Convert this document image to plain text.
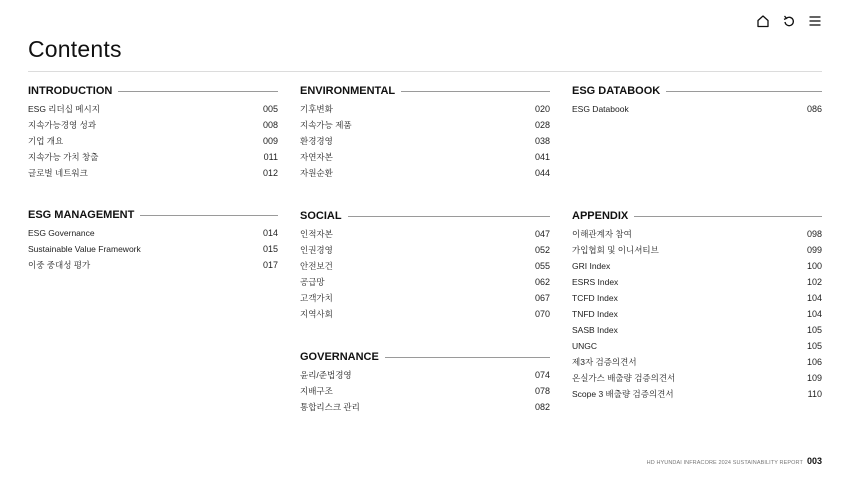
Contents
INTRODUCTION
ESG 리더십 메시지	005
지속가능경영 성과	008
기업 개요	009
지속가능 가치 창출	011
글로벌 네트워크	012
ENVIRONMENTAL
기후변화	020
지속가능 제품	028
환경경영	038
자연자본	041
자원순환	044
ESG DATABOOK
ESG Databook	086
ESG MANAGEMENT
ESG Governance	014
Sustainable Value Framework	015
이중 중대성 평가	017
SOCIAL
인적자본	047
인권경영	052
안전보건	055
공급망	062
고객가치	067
지역사회	070
APPENDIX
이해관계자 참여	098
가입협회 및 이니셔티브	099
GRI Index	100
ESRS Index	102
TCFD Index	104
TNFD Index	104
SASB Index	105
UNGC	105
제3자 검증의견서	106
온실가스 배출량 검증의견서	109
Scope 3 배출량 검증의견서	110
GOVERNANCE
윤리/준법경영	074
지배구조	078
통합리스크 관리	082
HD HYUNDAI INFRACORE 2024 SUSTAINABILITY REPORT 003
